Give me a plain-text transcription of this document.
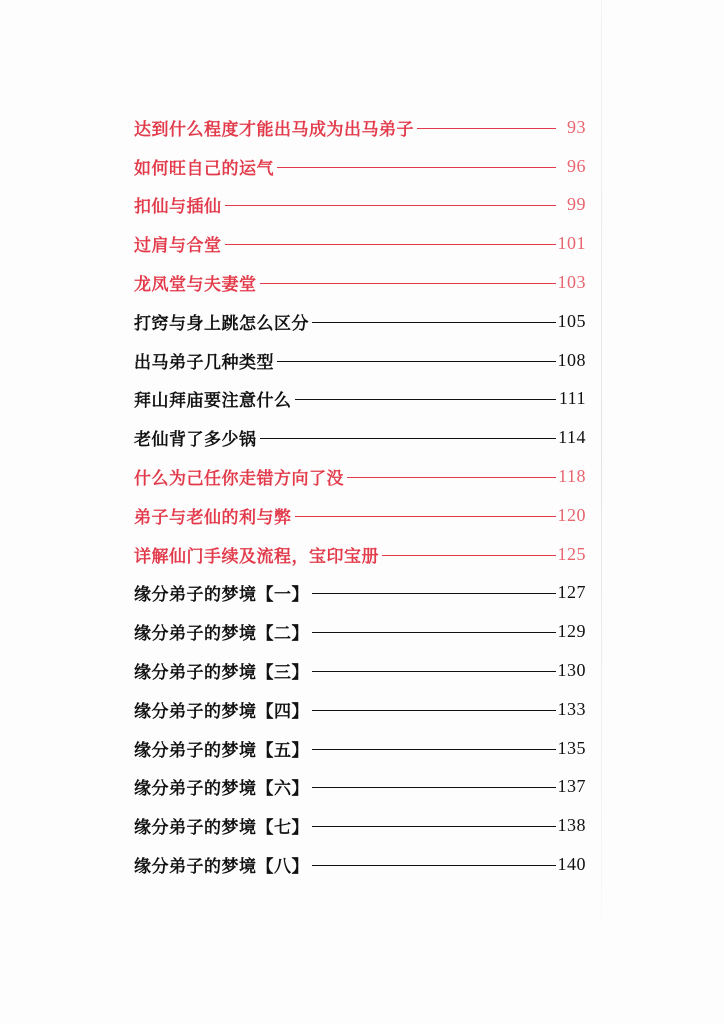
达到什么程度才能出马成为出马弟子	93
如何旺自己的运气	96
扣仙与插仙	99
过肩与合堂	101
龙凤堂与夫妻堂	103
打窍与身上跳怎么区分	105
出马弟子几种类型	108
拜山拜庙要注意什么	111
老仙背了多少锅	114
什么为己任你走错方向了没	118
弟子与老仙的利与弊	120
详解仙门手续及流程，宝印宝册	125
缘分弟子的梦境【一】	127
缘分弟子的梦境【二】	129
缘分弟子的梦境【三】	130
缘分弟子的梦境【四】	133
缘分弟子的梦境【五】	135
缘分弟子的梦境【六】	137
缘分弟子的梦境【七】	138
缘分弟子的梦境【八】	140
